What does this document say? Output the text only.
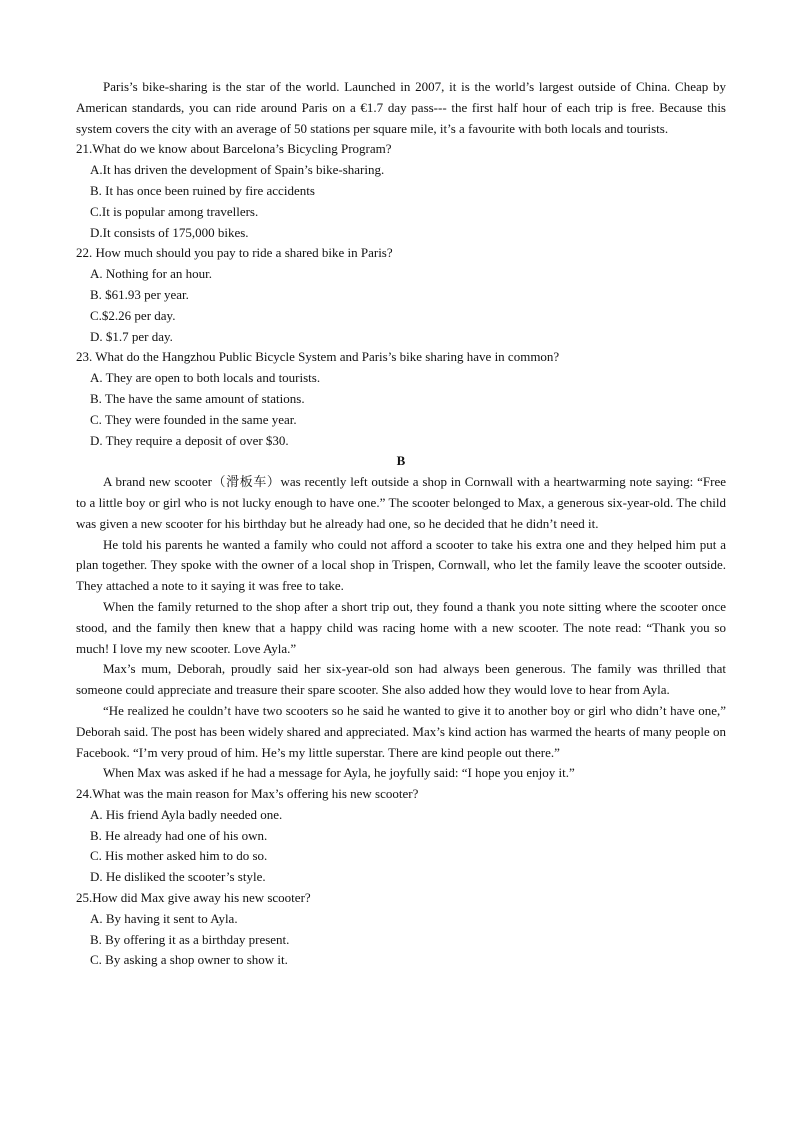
Paris’s bike-sharing is the star of the world. Launched in 2007, it is the world’s largest outside of China. Cheap by American standards, you can ride around Paris on a €1.7 day pass--- the first half hour of each trip is free. Because this system covers the city with an average of 50 stations per square mile, it’s a favourite with both locals and tourists.

21.What do we know about Barcelona’s Bicycling Program?

A.It has driven the development of Spain’s bike-sharing.

B. It has once been ruined by fire accidents

C.It is popular among travellers.

D.It consists of 175,000 bikes.

22. How much should you pay to ride a shared bike in Paris?

A. Nothing for an hour.

B. $61.93 per year.

C.$2.26 per day.

D. $1.7 per day.

23. What do the Hangzhou Public Bicycle System and Paris’s bike sharing have in common?

A. They are open to both locals and tourists.

B. The have the same amount of stations.

C. They were founded in the same year.

D. They require a deposit of over $30.

B

A brand new scooter（滑板车）was recently left outside a shop in Cornwall with a heartwarming note saying: “Free to a little boy or girl who is not lucky enough to have one.” The scooter belonged to Max, a generous six-year-old. The child was given a new scooter for his birthday but he already had one, so he decided that he didn’t need it.

He told his parents he wanted a family who could not afford a scooter to take his extra one and they helped him put a plan together. They spoke with the owner of a local shop in Trispen, Cornwall, who let the family leave the scooter outside. They attached a note to it saying it was free to take.

When the family returned to the shop after a short trip out, they found a thank you note sitting where the scooter once stood, and the family then knew that a happy child was racing home with a new scooter. The note read: “Thank you so much! I love my new scooter. Love Ayla.”

Max’s mum, Deborah, proudly said her six-year-old son had always been generous. The family was thrilled that someone could appreciate and treasure their spare scooter. She also added how they would love to hear from Ayla.

“He realized he couldn’t have two scooters so he said he wanted to give it to another boy or girl who didn’t have one,” Deborah said. The post has been widely shared and appreciated. Max’s kind action has warmed the hearts of many people on Facebook. “I’m very proud of him. He’s my little superstar. There are kind people out there.”

When Max was asked if he had a message for Ayla, he joyfully said: “I hope you enjoy it.”

24.What was the main reason for Max’s offering his new scooter?

A. His friend Ayla badly needed one.

B. He already had one of his own.

C. His mother asked him to do so.

D. He disliked the scooter’s style.

25.How did Max give away his new scooter?

A. By having it sent to Ayla.

B. By offering it as a birthday present.

C. By asking a shop owner to show it.
